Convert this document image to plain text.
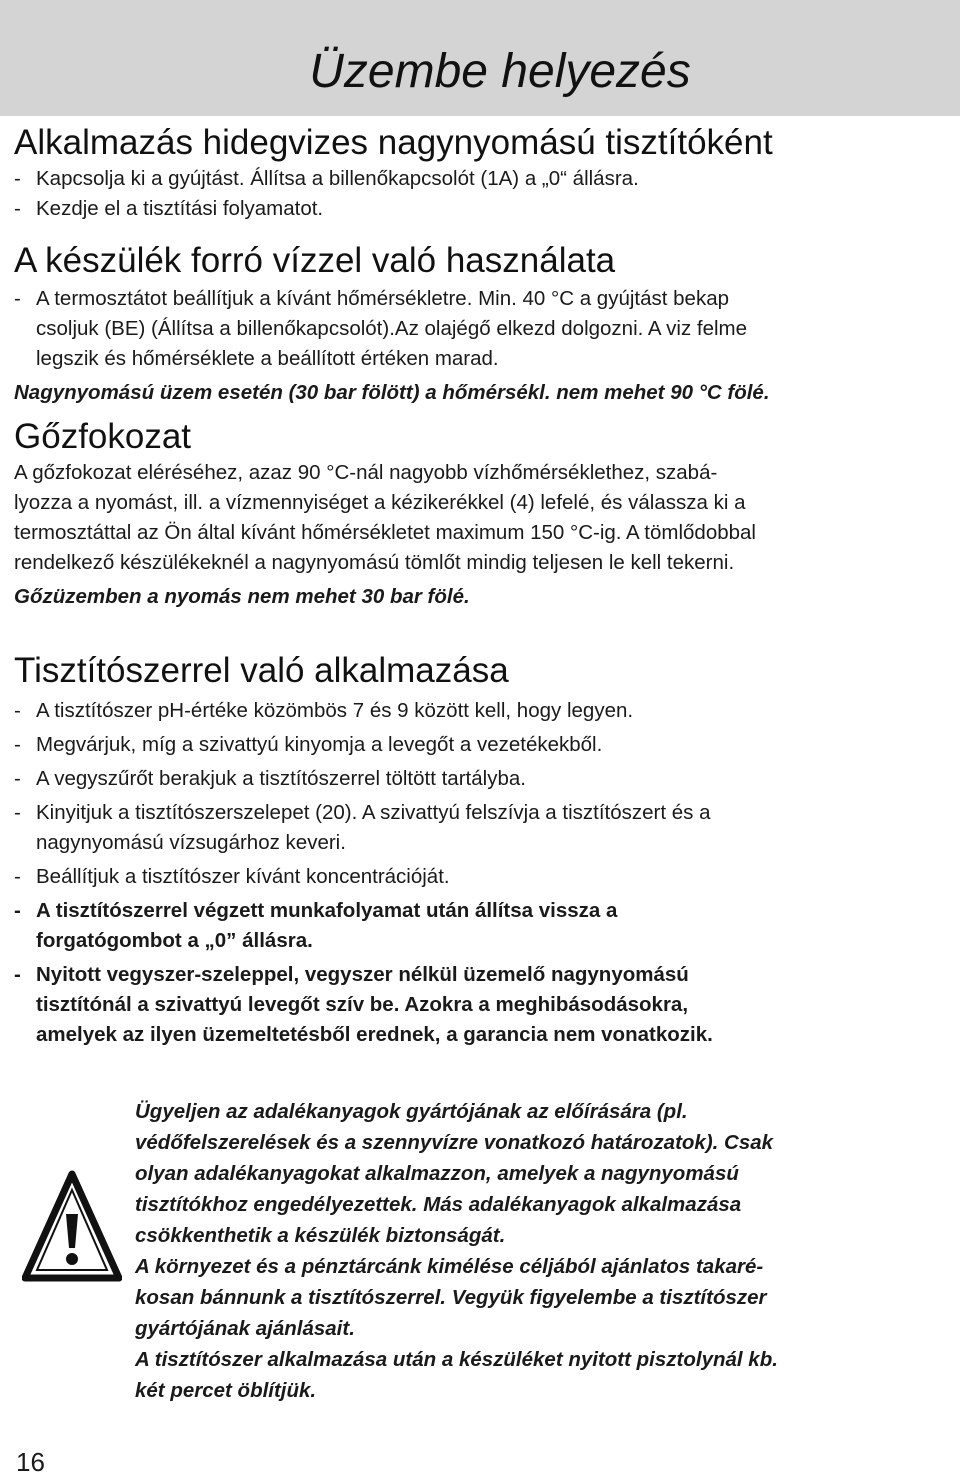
Üzembe helyezés
Alkalmazás hidegvizes nagynyomású tisztítóként
- Kapcsolja ki a gyújtást. Állítsa a billenőkapcsolót (1A) a „0“ állásra.
- Kezdje el a tisztítási folyamatot.
A készülék forró vízzel való használata
- A termosztátot beállítjuk a kívánt hőmérsékletre. Min. 40 °C a gyújtást bekap
csoljuk (BE) (Állítsa a billenőkapcsolót).Az olajégő elkezd dolgozni. A viz felme
legszik és hőmérséklete a beállított értéken marad.
Nagynyomású üzem esetén (30 bar fölött) a hőmérsékl. nem mehet 90 °C fölé.
Gőzfokozat
A gőzfokozat eléréséhez, azaz 90 °C-nál nagyobb vízhőmérséklethez, szabá-
lyozza a nyomást, ill. a vízmennyiséget a kézikerékkel (4) lefelé, és válassza ki a
termosztáttal az Ön által kívánt hőmérsékletet maximum 150 °C-ig. A tömlődobbal
rendelkező készülékeknél a nagynyomású tömlőt mindig teljesen le kell tekerni.
Gőzüzemben a nyomás nem mehet 30 bar fölé.
Tisztítószerrel való alkalmazása
- A tisztítószer pH-értéke közömbös 7 és 9 között kell, hogy legyen.
- Megvárjuk, míg a szivattyú kinyomja a levegőt a vezetékekből.
- A vegyszűrőt berakjuk a tisztítószerrel töltött tartályba.
- Kinyitjuk a tisztítószerszelepet (20). A szivattyú felszívja a tisztítószert és a
nagynyomású vízsugárhoz keveri.
- Beállítjuk a tisztítószer kívánt koncentrációját.
- A tisztítószerrel végzett munkafolyamat után állítsa vissza a
forgatógombot a „0” állásra.
- Nyitott vegyszer-szeleppel, vegyszer nélkül üzemelő nagynyomású
tisztítónál a szivattyú levegőt szív be. Azokra a meghibásodásokra,
amelyek az ilyen üzemeltetésből erednek, a garancia nem vonatkozik.
Ügyeljen az adalékanyagok gyártójának az előírására (pl.
védőfelszerelések és a szennyvízre vonatkozó határozatok). Csak
olyan adalékanyagokat alkalmazzon, amelyek a nagynyomású
tisztítókhoz engedélyezettek. Más adalékanyagok alkalmazása
csökkenthetik a készülék biztonságát.
A környezet és a pénztárcánk kimélése céljából ajánlatos takaré-
kosan bánnunk a tisztítószerrel. Vegyük figyelembe a tisztítószer
gyártójának ajánlásait.
A tisztítószer alkalmazása után a készüléket nyitott pisztolynál kb.
két percet öblítjük.
16
